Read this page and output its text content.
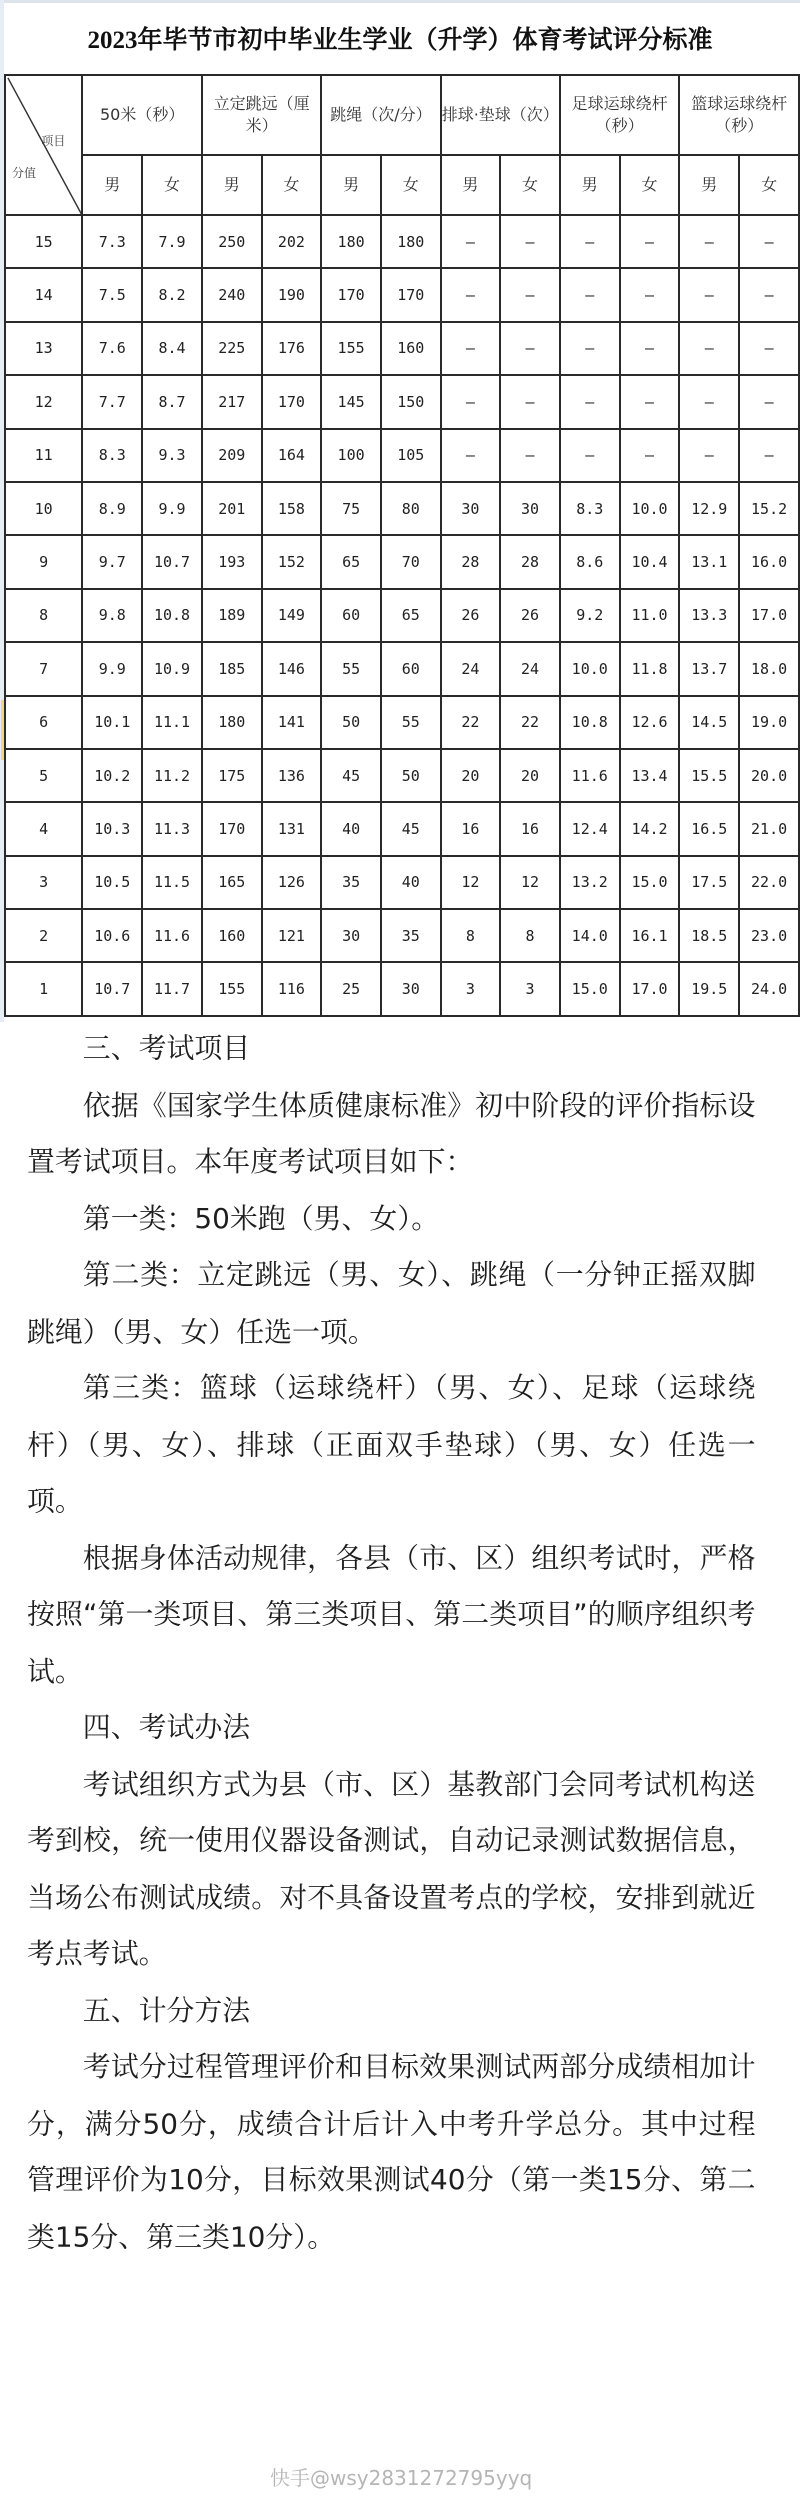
2023年毕节市初中毕业生学业（升学）体育考试评分标准
项目
分值	50米（秒）		立定跳远（厘米）		跳绳（次/分）		排球·垫球（次）		足球运球绕杆（秒）		篮球运球绕杆（秒）	
	男	女	男	女	男	女	男	女	男	女	男	女
15	7.3	7.9	250	202	180	180	–	–	–	–	–	–
14	7.5	8.2	240	190	170	170	–	–	–	–	–	–
13	7.6	8.4	225	176	155	160	–	–	–	–	–	–
12	7.7	8.7	217	170	145	150	–	–	–	–	–	–
11	8.3	9.3	209	164	100	105	–	–	–	–	–	–
10	8.9	9.9	201	158	75	80	30	30	8.3	10.0	12.9	15.2
9	9.7	10.7	193	152	65	70	28	28	8.6	10.4	13.1	16.0
8	9.8	10.8	189	149	60	65	26	26	9.2	11.0	13.3	17.0
7	9.9	10.9	185	146	55	60	24	24	10.0	11.8	13.7	18.0
6	10.1	11.1	180	141	50	55	22	22	10.8	12.6	14.5	19.0
5	10.2	11.2	175	136	45	50	20	20	11.6	13.4	15.5	20.0
4	10.3	11.3	170	131	40	45	16	16	12.4	14.2	16.5	21.0
3	10.5	11.5	165	126	35	40	12	12	13.2	15.0	17.5	22.0
2	10.6	11.6	160	121	30	35	8	8	14.0	16.1	18.5	23.0
1	10.7	11.7	155	116	25	30	3	3	15.0	17.0	19.5	24.0
三、考试项目

依据《国家学生体质健康标准》初中阶段的评价指标设置考试项目。本年度考试项目如下：

第一类：50米跑（男、女）。

第二类：立定跳远（男、女）、跳绳（一分钟正摇双脚跳绳）（男、女）任选一项。

第三类：篮球（运球绕杆）（男、女）、足球（运球绕杆）（男、女）、排球（正面双手垫球）（男、女）任选一项。

根据身体活动规律，各县（市、区）组织考试时，严格按照“第一类项目、第三类项目、第二类项目”的顺序组织考试。

四、考试办法

考试组织方式为县（市、区）基教部门会同考试机构送考到校，统一使用仪器设备测试，自动记录测试数据信息，当场公布测试成绩。对不具备设置考点的学校，安排到就近考点考试。

五、计分方法

考试分过程管理评价和目标效果测试两部分成绩相加计分，满分50分，成绩合计后计入中考升学总分。其中过程管理评价为10分，目标效果测试40分（第一类15分、第二类15分、第三类10分）。

快手@wsy2831272795yyq
